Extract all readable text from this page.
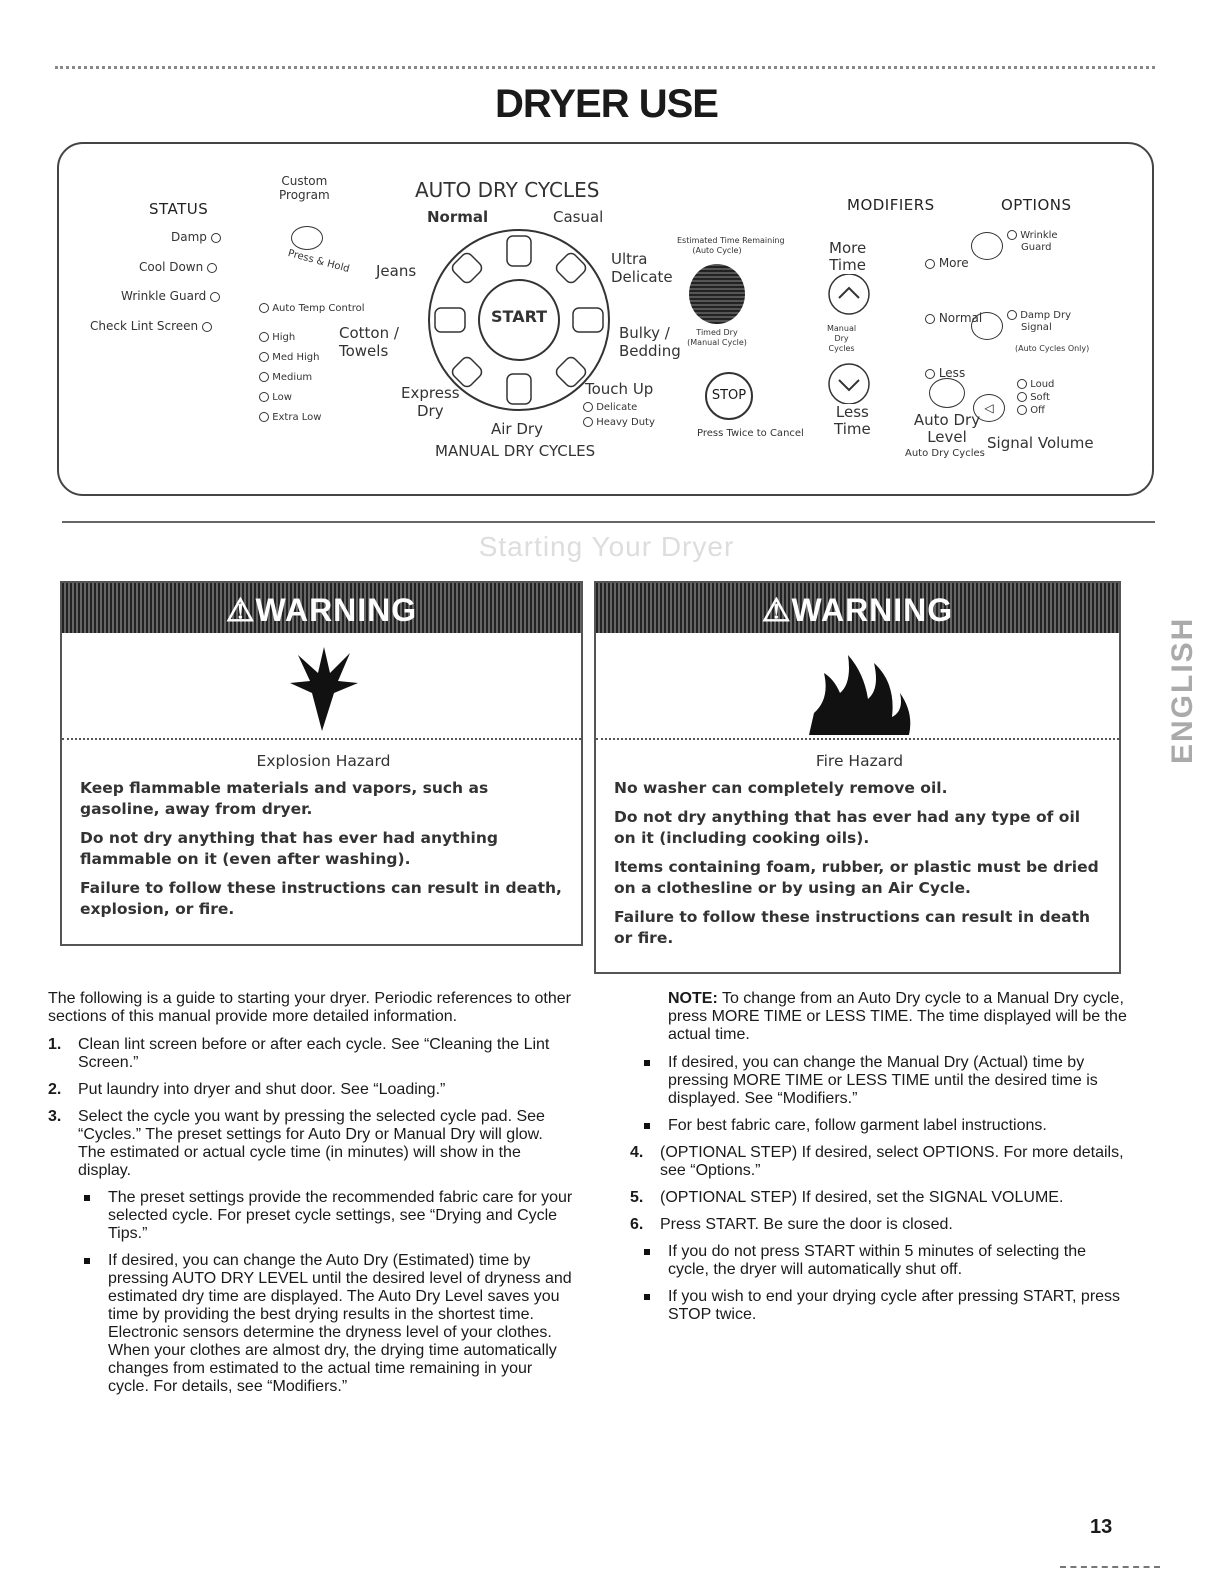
DRYER USE
STATUS
Damp
Cool Down
Wrinkle Guard
Check Lint Screen
Custom
Program
Press & Hold
Auto Temp Control
High
Med High
Medium
Low
Extra Low
AUTO DRY CYCLES
Normal	Casual
Jeans
Ultra
Delicate
Bulky /
Bedding
Cotton /
Towels
START
Express
Dry
Air Dry
Touch Up
Delicate
Heavy Duty
MANUAL DRY CYCLES
Estimated Time Remaining
(Auto Cycle)
Timed Dry
(Manual Cycle)
STOP
Press Twice to Cancel
MODIFIERS
More
Time
Manual
Dry
Cycles
Less
Time
More
Normal
Less
Auto Dry
Level
Auto Dry Cycles
OPTIONS
Wrinkle
Guard
Damp Dry
Signal
(Auto Cycles Only)
◁
Loud
Soft
Off
Signal Volume
Starting Your Dryer
ENGLISH
⚠WARNING
Explosion Hazard

Keep flammable materials and vapors, such as gasoline, away from dryer.

Do not dry anything that has ever had anything flammable on it (even after washing).

Failure to follow these instructions can result in death, explosion, or fire.

⚠WARNING
Fire Hazard

No washer can completely remove oil.

Do not dry anything that has ever had any type of oil on it (including cooking oils).

Items containing foam, rubber, or plastic must be dried on a clothesline or by using an Air Cycle.

Failure to follow these instructions can result in death or fire.

The following is a guide to starting your dryer. Periodic references to other sections of this manual provide more detailed information.

1. Clean lint screen before or after each cycle. See “Cleaning the Lint Screen.”
2. Put laundry into dryer and shut door. See “Loading.”
3. Select the cycle you want by pressing the selected cycle pad. See “Cycles.” The preset settings for Auto Dry or Manual Dry will glow. The estimated or actual cycle time (in minutes) will show in the display.
The preset settings provide the recommended fabric care for your selected cycle. For preset cycle settings, see “Drying and Cycle Tips.”
If desired, you can change the Auto Dry (Estimated) time by pressing AUTO DRY LEVEL until the desired level of dryness and estimated dry time are displayed. The Auto Dry Level saves you time by providing the best drying results in the shortest time. Electronic sensors determine the dryness level of your clothes. When your clothes are almost dry, the drying time automatically changes from estimated to the actual time remaining in your cycle. For details, see “Modifiers.”
NOTE: To change from an Auto Dry cycle to a Manual Dry cycle, press MORE TIME or LESS TIME. The time displayed will be the actual time.
If desired, you can change the Manual Dry (Actual) time by pressing MORE TIME or LESS TIME until the desired time is displayed. See “Modifiers.”
For best fabric care, follow garment label instructions.
4. (OPTIONAL STEP) If desired, select OPTIONS. For more details, see “Options.”
5. (OPTIONAL STEP) If desired, set the SIGNAL VOLUME.
6. Press START. Be sure the door is closed.
If you do not press START within 5 minutes of selecting the cycle, the dryer will automatically shut off.
If you wish to end your drying cycle after pressing START, press STOP twice.
13
